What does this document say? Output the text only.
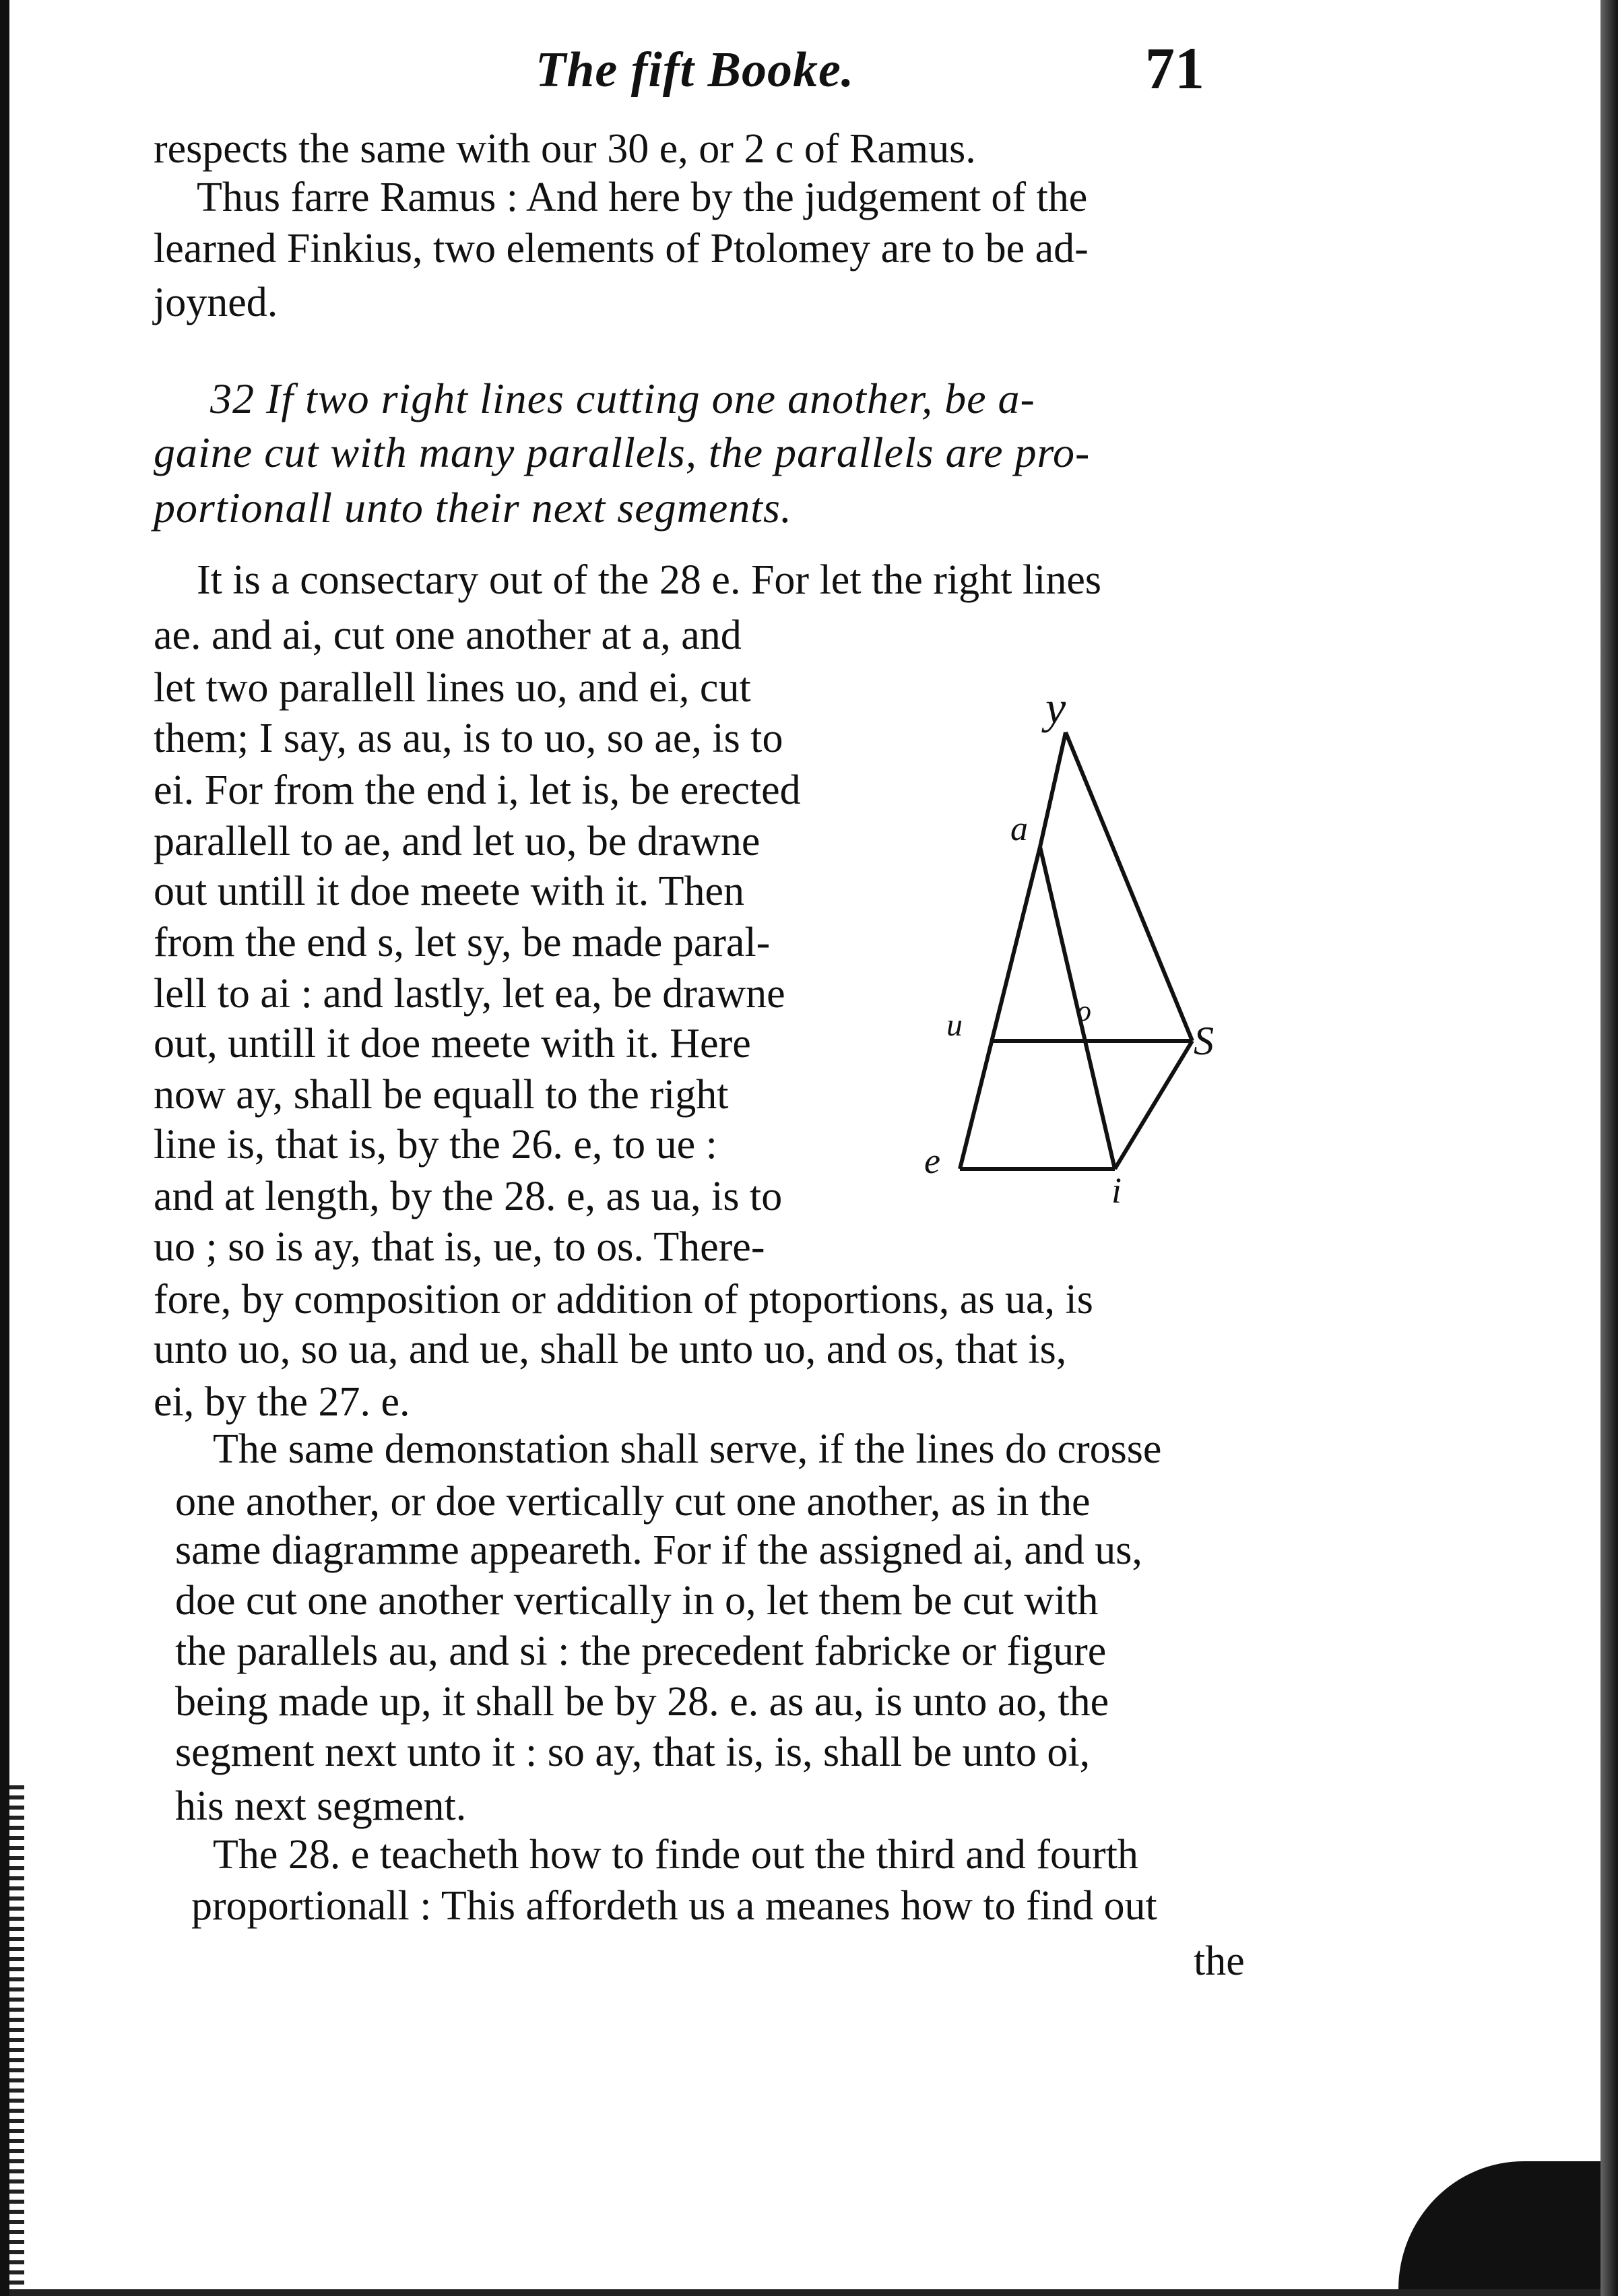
The fift Booke.	71
respects the same with our 30 e, or 2 c of Ramus.
Thus farre Ramus : And here by the judgement of the
learned Finkius, two elements of Ptolomey are to be ad-
joyned.
32 If two right lines cutting one another, be a-
gaine cut with many parallels, the parallels are pro-
portionall unto their next segments.
It is a consectary out of the 28 e. For let the right lines
ae. and ai, cut one another at a, and
let two parallell lines uo, and ei, cut
them; I say, as au, is to uo, so ae, is to
ei. For from the end i, let is, be erected
parallell to ae, and let uo, be drawne
out untill it doe meete with it. Then
from the end s, let sy, be made paral-
lell to ai : and lastly, let ea, be drawne
out, untill it doe meete with it. Here
now ay, shall be equall to the right
line is, that is, by the 26. e, to ue :
and at length, by the 28. e, as ua, is to
uo ; so is ay, that is, ue, to os. There-
fore, by composition or addition of ptoportions, as ua, is
unto uo, so ua, and ue, shall be unto uo, and os, that is,
ei, by the 27. e.
The same demonstation shall serve, if the lines do crosse
one another, or doe vertically cut one another, as in the
same diagramme appeareth. For if the assigned ai, and us,
doe cut one another vertically in o, let them be cut with
the parallels au, and si : the precedent fabricke or figure
being made up, it shall be by 28. e. as au, is unto ao, the
segment next unto it : so ay, that is, is, shall be unto oi,
his next segment.
The 28. e teacheth how to finde out the third and fourth
proportionall : This affordeth us a meanes how to find out
the
y
a
u	o
S
e
i
